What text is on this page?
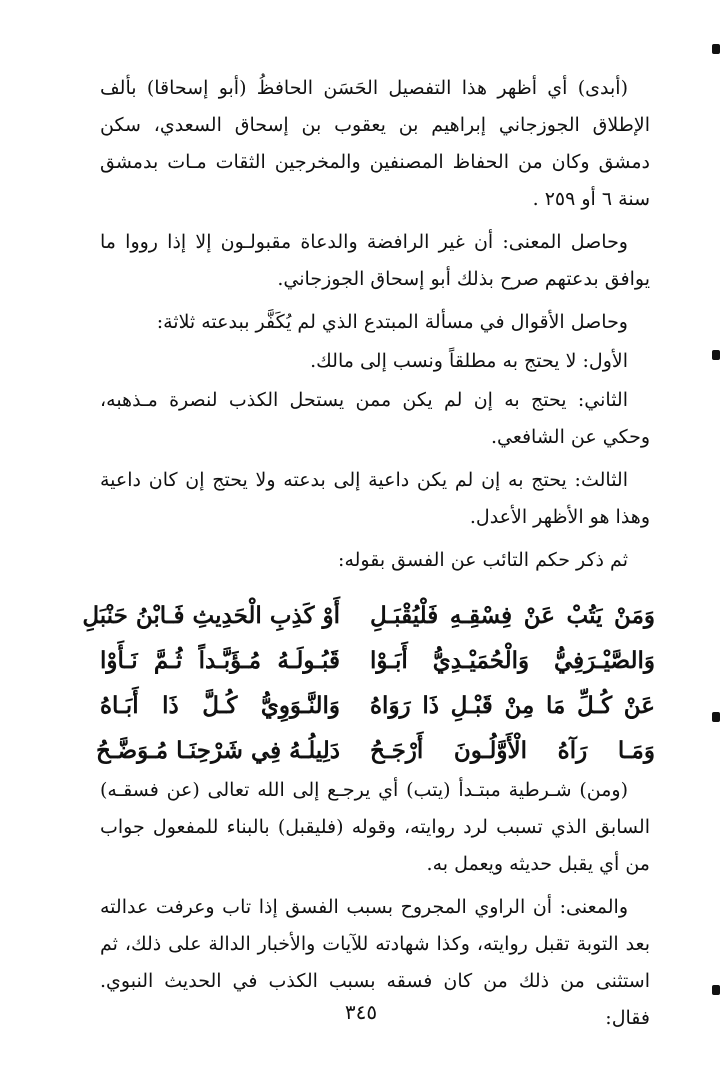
(أبدى) أي أظهر هذا التفصيل الحَسَن الحافظُ (أبو إسحاقا) بألف الإطلاق الجوزجاني إبراهيم بن يعقوب بن إسحاق السعدي، سكن دمشق وكان من الحفاظ المصنفين والمخرجين الثقات مـات بدمشق سنة ٦ أو ٢٥٩ .

وحاصل المعنى: أن غير الرافضة والدعاة مقبولـون إلا إذا رووا ما يوافق بدعتهم صرح بذلك أبو إسحاق الجوزجاني.

وحاصل الأقوال في مسألة المبتدع الذي لم يُكَفَّر ببدعته ثلاثة:

الأول: لا يحتج به مطلقاً ونسب إلى مالك.

الثاني: يحتج به إن لم يكن ممن يستحل الكذب لنصرة مـذهبه، وحكي عن الشافعي.

الثالث: يحتج به إن لم يكن داعية إلى بدعته ولا يحتج إن كان داعية وهذا هو الأظهر الأعدل.

ثم ذكر حكم التائب عن الفسق بقوله:

وَمَنْ يَتُبْ عَنْ فِسْقِـهِ فَلْيُقْبَـلِ
أَوْ كَذِبِ الْحَدِيثِ فَـابْنُ حَنْبَلِ
وَالصَّيْـرَفِيُّ وَالْحُمَيْـدِيُّ أَبَـوْا
قَبُـولَـهُ مُـؤَبَّـداً ثُـمَّ نَـأَوْا
عَنْ كُـلِّ مَا مِنْ قَبْـلِ ذَا رَوَاهُ
وَالنَّـوَوِيُّ كُـلَّ ذَا أَبَـاهُ
وَمَـا رَآهُ الْأَوَّلُـونَ أَرْجَـحُ
دَلِيلُـهُ فِي شَرْحِنَـا مُـوَضَّـحُ

(ومن) شـرطية مبتـدأ (يتب) أي يرجـع إلى الله تعالى (عن فسقـه) السابق الذي تسبب لرد روايته، وقوله (فليقبل) بالبناء للمفعول جواب من أي يقبل حديثه ويعمل به.

والمعنى: أن الراوي المجروح بسبب الفسق إذا تاب وعرفت عدالته بعد التوبة تقبل روايته، وكذا شهادته للآيات والأخبار الدالة على ذلك، ثم استثنى من ذلك من كان فسقه بسبب الكذب في الحديث النبوي. فقال:

٣٤٥
